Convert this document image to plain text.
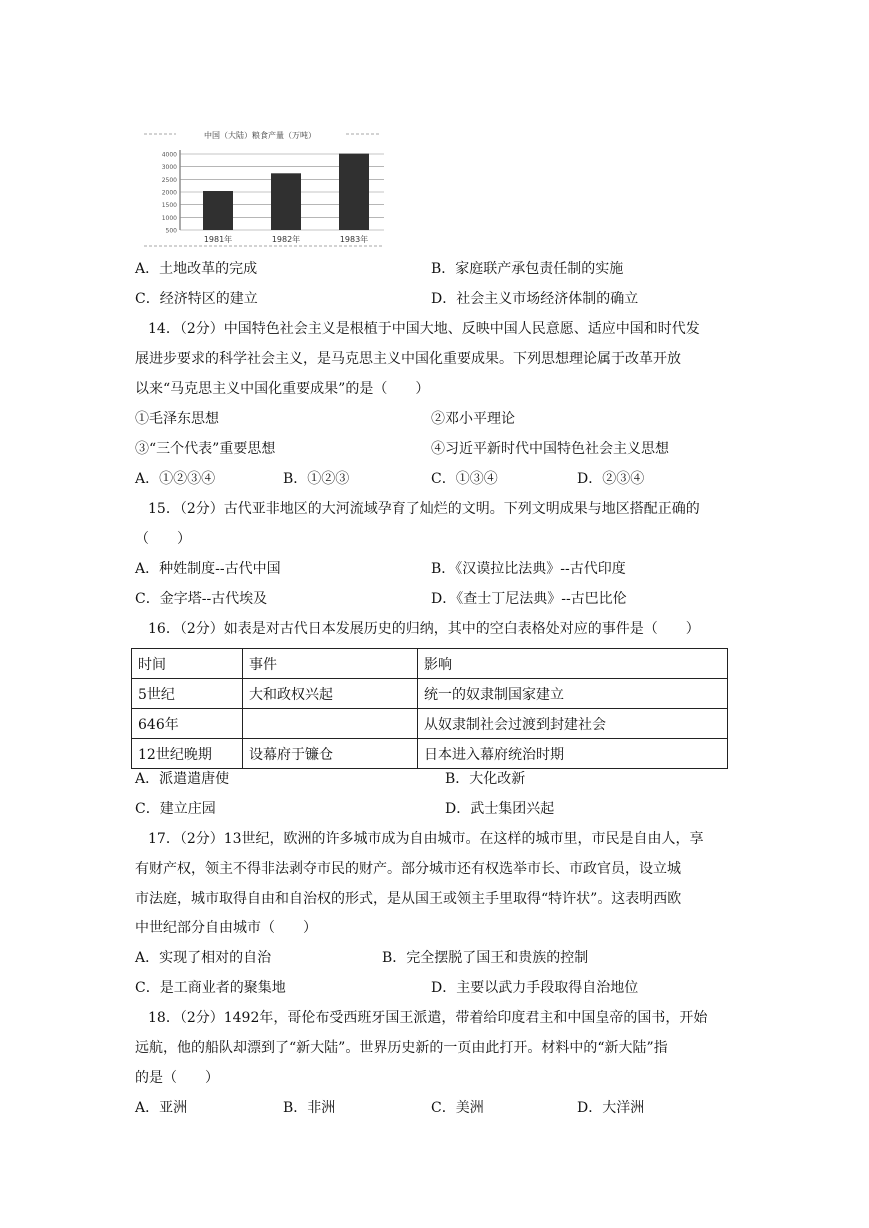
中国（大陆）粮食产量（万吨）
4000
3000
2500
2000
1500
1000
500
1981年	1982年	1983年
A．土地改革的完成	B．家庭联产承包责任制的实施
C．经济特区的建立	D．社会主义市场经济体制的确立
14．（2分）中国特色社会主义是根植于中国大地、反映中国人民意愿、适应中国和时代发
展进步要求的科学社会主义，是马克思主义中国化重要成果。下列思想理论属于改革开放
以来“马克思主义中国化重要成果”的是（　　）
①毛泽东思想	②邓小平理论
③“三个代表”重要思想	④习近平新时代中国特色社会主义思想
A．①②③④	B．①②③	C．①③④	D．②③④
15．（2分）古代亚非地区的大河流域孕育了灿烂的文明。下列文明成果与地区搭配正确的
（　　）
A．种姓制度--古代中国	B．《汉谟拉比法典》--古代印度
C．金字塔--古代埃及	D．《查士丁尼法典》--古巴比伦
16．（2分）如表是对古代日本发展历史的归纳，其中的空白表格处对应的事件是（　　）
时间	事件	影响
5世纪	大和政权兴起	统一的奴隶制国家建立
646年		从奴隶制社会过渡到封建社会
12世纪晚期	设幕府于镰仓	日本进入幕府统治时期
A．派遣遣唐使	B．大化改新
C．建立庄园	D．武士集团兴起
17．（2分）13世纪，欧洲的许多城市成为自由城市。在这样的城市里，市民是自由人，享
有财产权，领主不得非法剥夺市民的财产。部分城市还有权选举市长、市政官员，设立城
市法庭，城市取得自由和自治权的形式，是从国王或领主手里取得“特许状”。这表明西欧
中世纪部分自由城市（　　）
A．实现了相对的自治	B．完全摆脱了国王和贵族的控制
C．是工商业者的聚集地	D．主要以武力手段取得自治地位
18．（2分）1492年，哥伦布受西班牙国王派遣，带着给印度君主和中国皇帝的国书，开始
远航，他的船队却漂到了“新大陆”。世界历史新的一页由此打开。材料中的“新大陆”指
的是（　　）
A．亚洲	B．非洲	C．美洲	D．大洋洲
